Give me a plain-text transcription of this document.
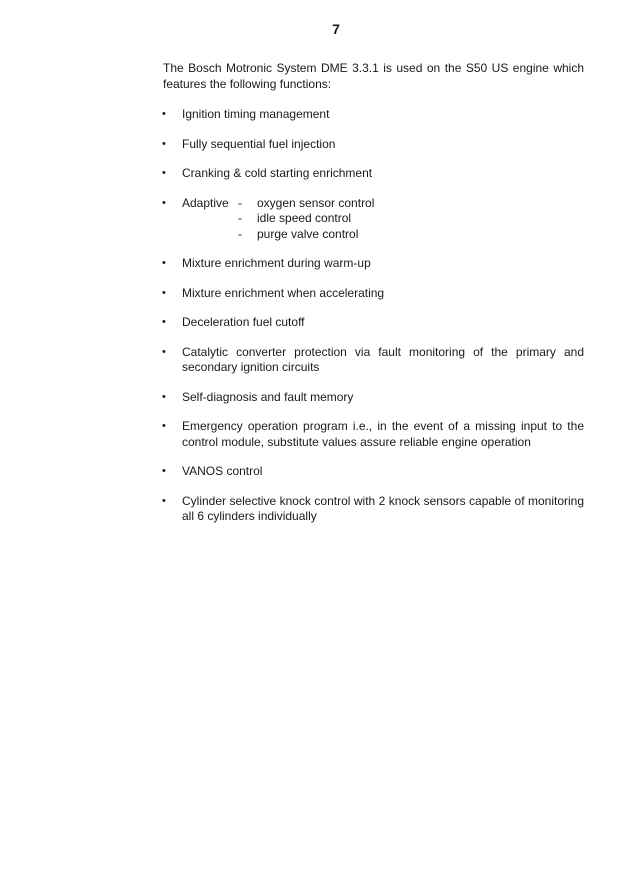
7

The Bosch Motronic System DME 3.3.1 is used on the S50 US engine which features the following functions:

• Ignition timing management
• Fully sequential fuel injection
• Cranking & cold starting enrichment
• Adaptive -	oxygen sensor control
-	idle speed control
-	purge valve control
• Mixture enrichment during warm-up
• Mixture enrichment when accelerating
• Deceleration fuel cutoff
• Catalytic converter protection via fault monitoring of the primary and secondary ignition circuits
• Self-diagnosis and fault memory
• Emergency operation program i.e., in the event of a missing input to the control module, substitute values assure reliable engine operation
• VANOS control
• Cylinder selective knock control with 2 knock sensors capable of monitoring all 6 cylinders individually
